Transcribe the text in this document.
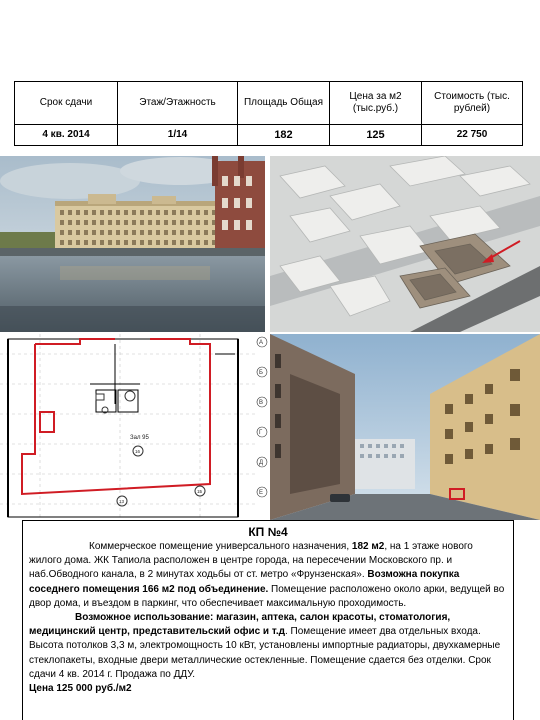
Срок сдачи	Этаж/Этажность	Площадь Общая	Цена за м2 (тыс.руб.)	Стоимость (тыс. рублей)
4 кв. 2014	1/14	182	125	22 750
Зал 95
16
15
13
А
Б
В
Г
Д
Е
КП №4

Коммерческое помещение универсального назначения, 182 м2, на 1 этаже нового жилого дома. ЖК Тапиола расположен в центре города, на пересечении Московского пр. и наб.Обводного канала, в 2 минутах ходьбы от ст. метро «Фрунзенская». Возможна покупка соседнего помещения 166 м2 под объединение. Помещение расположено около арки, ведущей во двор дома, и въездом в паркинг, что обеспечивает максимальную проходимость.

Возможное использование: магазин, аптека, салон красоты, стоматология, медицинский центр, представительский офис и т.д. Помещение имеет два отдельных входа. Высота потолков 3,3 м, электромощность 10 кВт, установлены импортные радиаторы, двухкамерные стеклопакеты, входные двери металлические остекленные. Помещение сдается без отделки. Срок сдачи 4 кв. 2014 г. Продажа по ДДУ.

Цена 125 000 руб./м2
